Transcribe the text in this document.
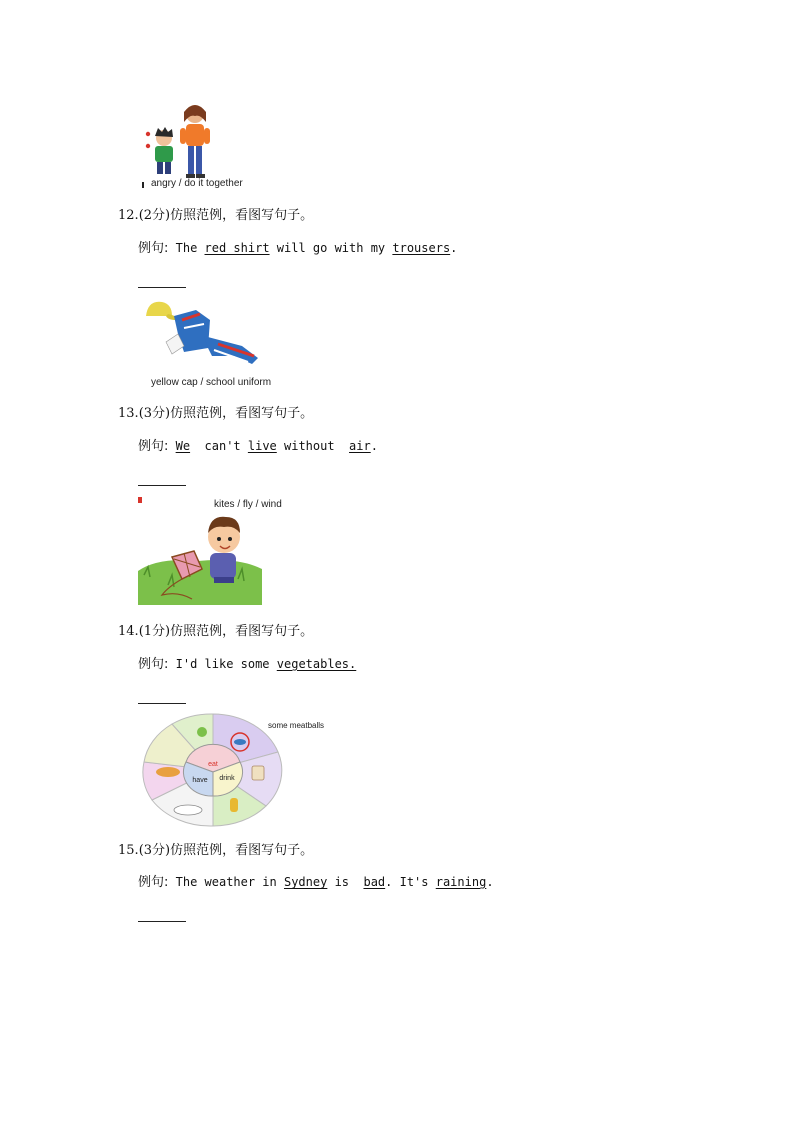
angry / do it together
12.(2分)仿照范例，看图写句子。
例句: The red shirt will go with my trousers.
yellow cap / school uniform
13.(3分)仿照范例，看图写句子。
例句: We  can't live without  air.
kites / fly / wind
14.(1分)仿照范例，看图写句子。
例句: I'd like some vegetables.
eat
have drink
some meatballs
15.(3分)仿照范例，看图写句子。
例句: The weather in Sydney is  bad. It's raining.
